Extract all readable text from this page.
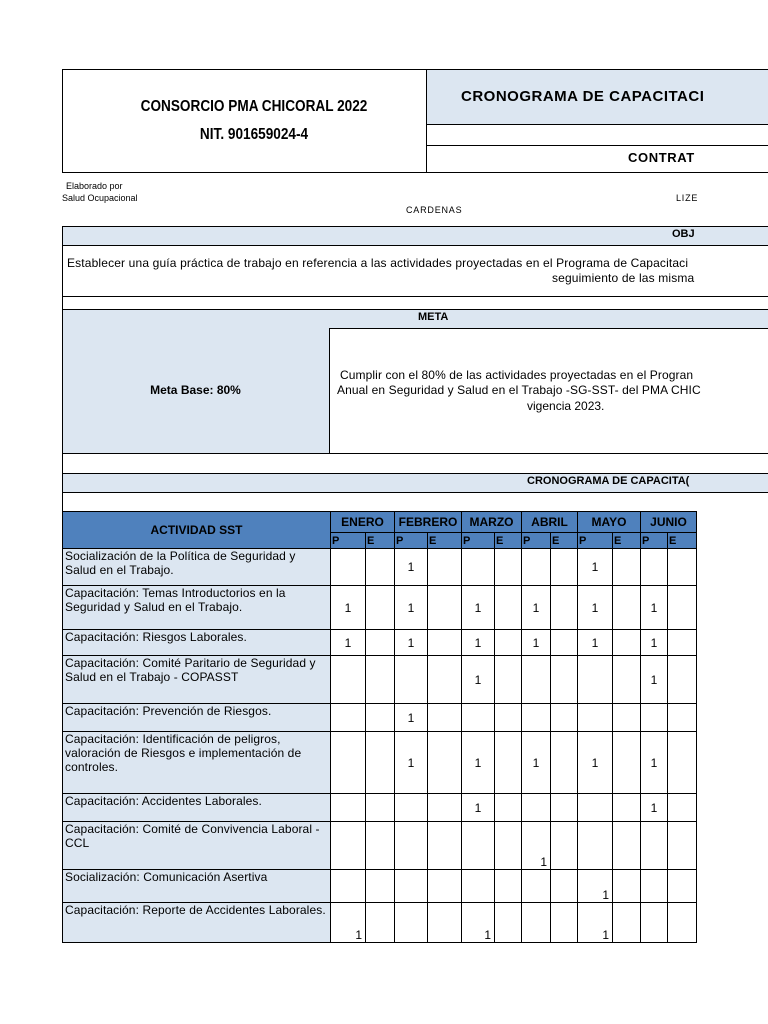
CONSORCIO PMA CHICORAL 2022
NIT. 901659024-4
CRONOGRAMA DE CAPACITACI
CONTRAT
Elaborado por
Salud Ocupacional
CARDENAS
LIZE
OBJ
Establecer una guía práctica de trabajo en referencia a las actividades proyectadas en el Programa de Capacitaci
seguimiento de las misma
META
Meta Base: 80%
Cumplir con el 80% de las actividades proyectadas en el Progran
Anual en Seguridad y Salud en el Trabajo -SG-SST- del PMA CHIC
vigencia 2023.
CRONOGRAMA DE CAPACITA(
ACTIVIDAD SST	ENERO		FEBRERO		MARZO		ABRIL		MAYO		JUNIO	
	P	E	P	E	P	E	P	E	P	E	P	E
Socialización de la Política de Seguridad y Salud en el Trabajo.			1						1			
Capacitación: Temas Introductorios en la Seguridad y Salud en el Trabajo.	1		1		1		1		1		1	
Capacitación: Riesgos Laborales.	1		1		1		1		1		1	
Capacitación: Comité Paritario de Seguridad y Salud en el Trabajo - COPASST					1						1	
Capacitación: Prevención de Riesgos.			1									
Capacitación: Identificación de peligros, valoración de Riesgos e implementación de controles.			1		1		1		1		1	
Capacitación: Accidentes Laborales.					1						1	
Capacitación: Comité de Convivencia Laboral - CCL							1					
Socialización: Comunicación Asertiva									1			
Capacitación: Reporte de Accidentes Laborales.	1				1				1			
